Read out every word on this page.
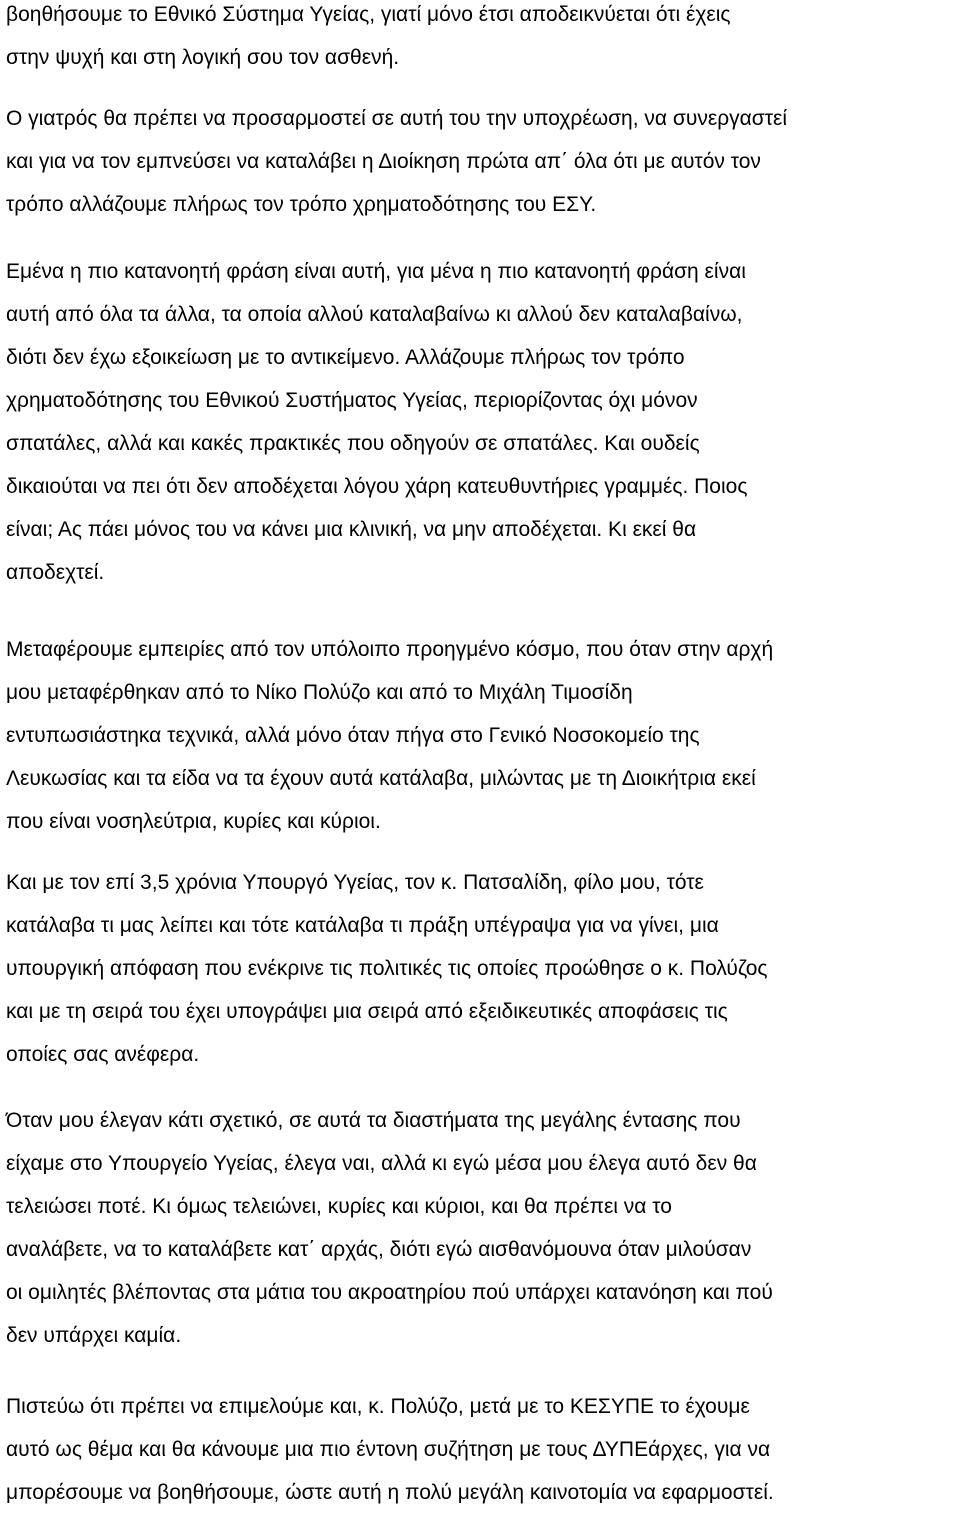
βοηθήσουμε το Εθνικό Σύστημα Υγείας, γιατί μόνο έτσι αποδεικνύεται ότι έχεις
στην ψυχή και στη λογική σου τον ασθενή.

Ο γιατρός θα πρέπει να προσαρμοστεί σε αυτή του την υποχρέωση, να συνεργαστεί
και για να τον εμπνεύσει να καταλάβει η Διοίκηση πρώτα απ΄ όλα ότι με αυτόν τον
τρόπο αλλάζουμε πλήρως τον τρόπο χρηματοδότησης του ΕΣΥ.

Εμένα η πιο κατανοητή φράση είναι αυτή, για μένα η πιο κατανοητή φράση είναι
αυτή από όλα τα άλλα, τα οποία αλλού καταλαβαίνω κι αλλού δεν καταλαβαίνω,
διότι δεν έχω εξοικείωση με το αντικείμενο. Αλλάζουμε πλήρως τον τρόπο
χρηματοδότησης του Εθνικού Συστήματος Υγείας, περιορίζοντας όχι μόνον
σπατάλες, αλλά και κακές πρακτικές που οδηγούν σε σπατάλες. Και ουδείς
δικαιούται να πει ότι δεν αποδέχεται λόγου χάρη κατευθυντήριες γραμμές. Ποιος
είναι; Ας πάει μόνος του να κάνει μια κλινική, να μην αποδέχεται. Κι εκεί θα
αποδεχτεί.

Μεταφέρουμε εμπειρίες από τον υπόλοιπο προηγμένο κόσμο, που όταν στην αρχή
μου μεταφέρθηκαν από το Νίκο Πολύζο και από το Μιχάλη Τιμοσίδη
εντυπωσιάστηκα τεχνικά, αλλά μόνο όταν πήγα στο Γενικό Νοσοκομείο της
Λευκωσίας και τα είδα να τα έχουν αυτά κατάλαβα, μιλώντας με τη Διοικήτρια εκεί
που είναι νοσηλεύτρια, κυρίες και κύριοι.

Και με τον επί 3,5 χρόνια Υπουργό Υγείας, τον κ. Πατσαλίδη, φίλο μου, τότε
κατάλαβα τι μας λείπει και τότε κατάλαβα τι πράξη υπέγραψα για να γίνει, μια
υπουργική απόφαση που ενέκρινε τις πολιτικές τις οποίες προώθησε ο κ. Πολύζος
και με τη σειρά του έχει υπογράψει μια σειρά από εξειδικευτικές αποφάσεις τις
οποίες σας ανέφερα.

Όταν μου έλεγαν κάτι σχετικό, σε αυτά τα διαστήματα της μεγάλης έντασης που
είχαμε στο Υπουργείο Υγείας, έλεγα ναι, αλλά κι εγώ μέσα μου έλεγα αυτό δεν θα
τελειώσει ποτέ. Κι όμως τελειώνει, κυρίες και κύριοι, και θα πρέπει να το
αναλάβετε, να το καταλάβετε κατ΄ αρχάς, διότι εγώ αισθανόμουνα όταν μιλούσαν
οι ομιλητές βλέποντας στα μάτια του ακροατηρίου πού υπάρχει κατανόηση και πού
δεν υπάρχει καμία.

Πιστεύω ότι πρέπει να επιμελούμε και, κ. Πολύζο, μετά με το ΚΕΣΥΠΕ το έχουμε
αυτό ως θέμα και θα κάνουμε μια πιο έντονη συζήτηση με τους ΔΥΠΕάρχες, για να
μπορέσουμε να βοηθήσουμε, ώστε αυτή η πολύ μεγάλη καινοτομία να εφαρμοστεί.
